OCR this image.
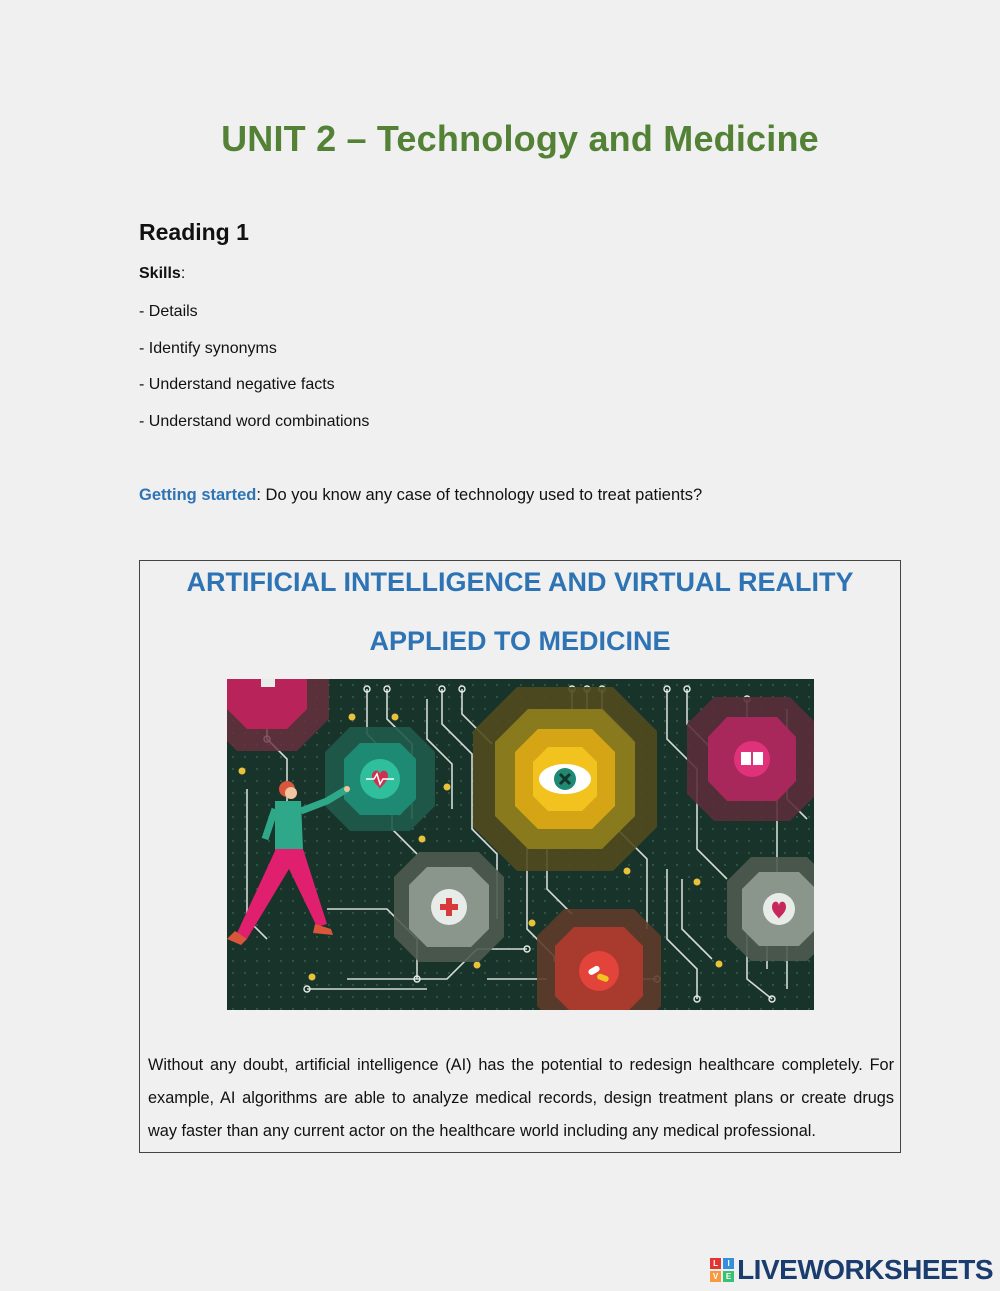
UNIT 2 – Technology and Medicine
Reading 1
Skills:
- Details
- Identify synonyms
- Understand negative facts
- Understand word combinations
Getting started: Do you know any case of technology used to treat patients?
ARTIFICIAL INTELLIGENCE AND VIRTUAL REALITY
APPLIED TO MEDICINE
Without any doubt, artificial intelligence (AI) has the potential to redesign healthcare completely. For example, AI algorithms are able to analyze medical records, design treatment plans or create drugs way faster than any current actor on the healthcare world including any medical professional.
L	I
V E LIVEWORKSHEETS
